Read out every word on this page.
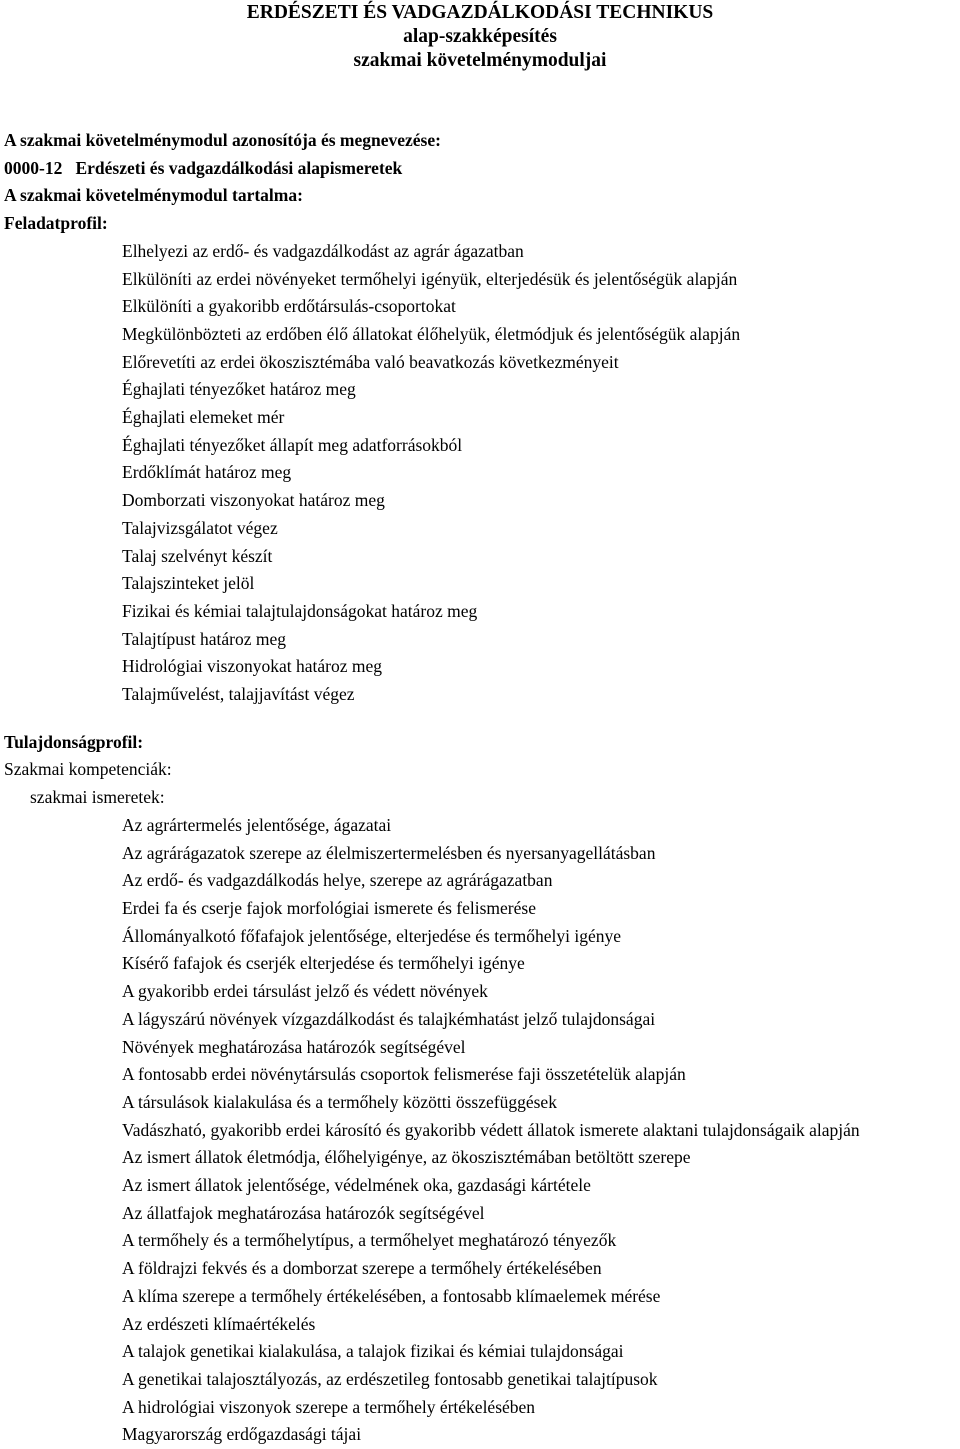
ERDÉSZETI ÉS VADGAZDÁLKODÁSI TECHNIKUS
alap-szakképesítés
szakmai követelménymoduljai
A szakmai követelménymodul azonosítója és megnevezése:
0000-12   Erdészeti és vadgazdálkodási alapismeretek
A szakmai követelménymodul tartalma:
Feladatprofil:
Elhelyezi az erdő- és vadgazdálkodást az agrár ágazatban
Elkülöníti az erdei növényeket termőhelyi igényük, elterjedésük és jelentőségük alapján
Elkülöníti a gyakoribb erdőtársulás-csoportokat
Megkülönbözteti az erdőben élő állatokat élőhelyük, életmódjuk és jelentőségük alapján
Előrevetíti az erdei ökoszisztémába való beavatkozás következményeit
Éghajlati tényezőket határoz meg
Éghajlati elemeket mér
Éghajlati tényezőket állapít meg adatforrásokból
Erdőklímát határoz meg
Domborzati viszonyokat határoz meg
Talajvizsgálatot végez
Talaj szelvényt készít
Talajszinteket jelöl
Fizikai és kémiai talajtulajdonságokat határoz meg
Talajtípust határoz meg
Hidrológiai viszonyokat határoz meg
Talajművelést, talajjavítást végez
Tulajdonságprofil:
Szakmai kompetenciák:
szakmai ismeretek:
Az agrártermelés jelentősége, ágazatai
Az agrárágazatok szerepe az élelmiszertermelésben és nyersanyagellátásban
Az erdő- és vadgazdálkodás helye, szerepe az agrárágazatban
Erdei fa és cserje fajok morfológiai ismerete és felismerése
Állományalkotó főfafajok jelentősége, elterjedése és termőhelyi igénye
Kísérő fafajok és cserjék elterjedése és termőhelyi igénye
A gyakoribb erdei társulást jelző és védett növények
A lágyszárú növények vízgazdálkodást és talajkémhatást jelző tulajdonságai
Növények meghatározása határozók segítségével
A fontosabb erdei növénytársulás csoportok felismerése faji összetételük alapján
A társulások kialakulása és a termőhely közötti összefüggések
Vadászható, gyakoribb erdei károsító és gyakoribb védett állatok ismerete alaktani tulajdonságaik alapján
Az ismert állatok életmódja, élőhelyigénye, az ökoszisztémában betöltött szerepe
Az ismert állatok jelentősége, védelmének oka, gazdasági kártétele
Az állatfajok meghatározása határozók segítségével
A termőhely és a termőhelytípus, a termőhelyet meghatározó tényezők
A földrajzi fekvés és a domborzat szerepe a termőhely értékelésében
A klíma szerepe a termőhely értékelésében, a fontosabb klímaelemek mérése
Az erdészeti klímaértékelés
A talajok genetikai kialakulása, a talajok fizikai és kémiai tulajdonságai
A genetikai talajosztályozás, az erdészetileg fontosabb genetikai talajtípusok
A hidrológiai viszonyok szerepe a termőhely értékelésében
Magyarország erdőgazdasági tájai
